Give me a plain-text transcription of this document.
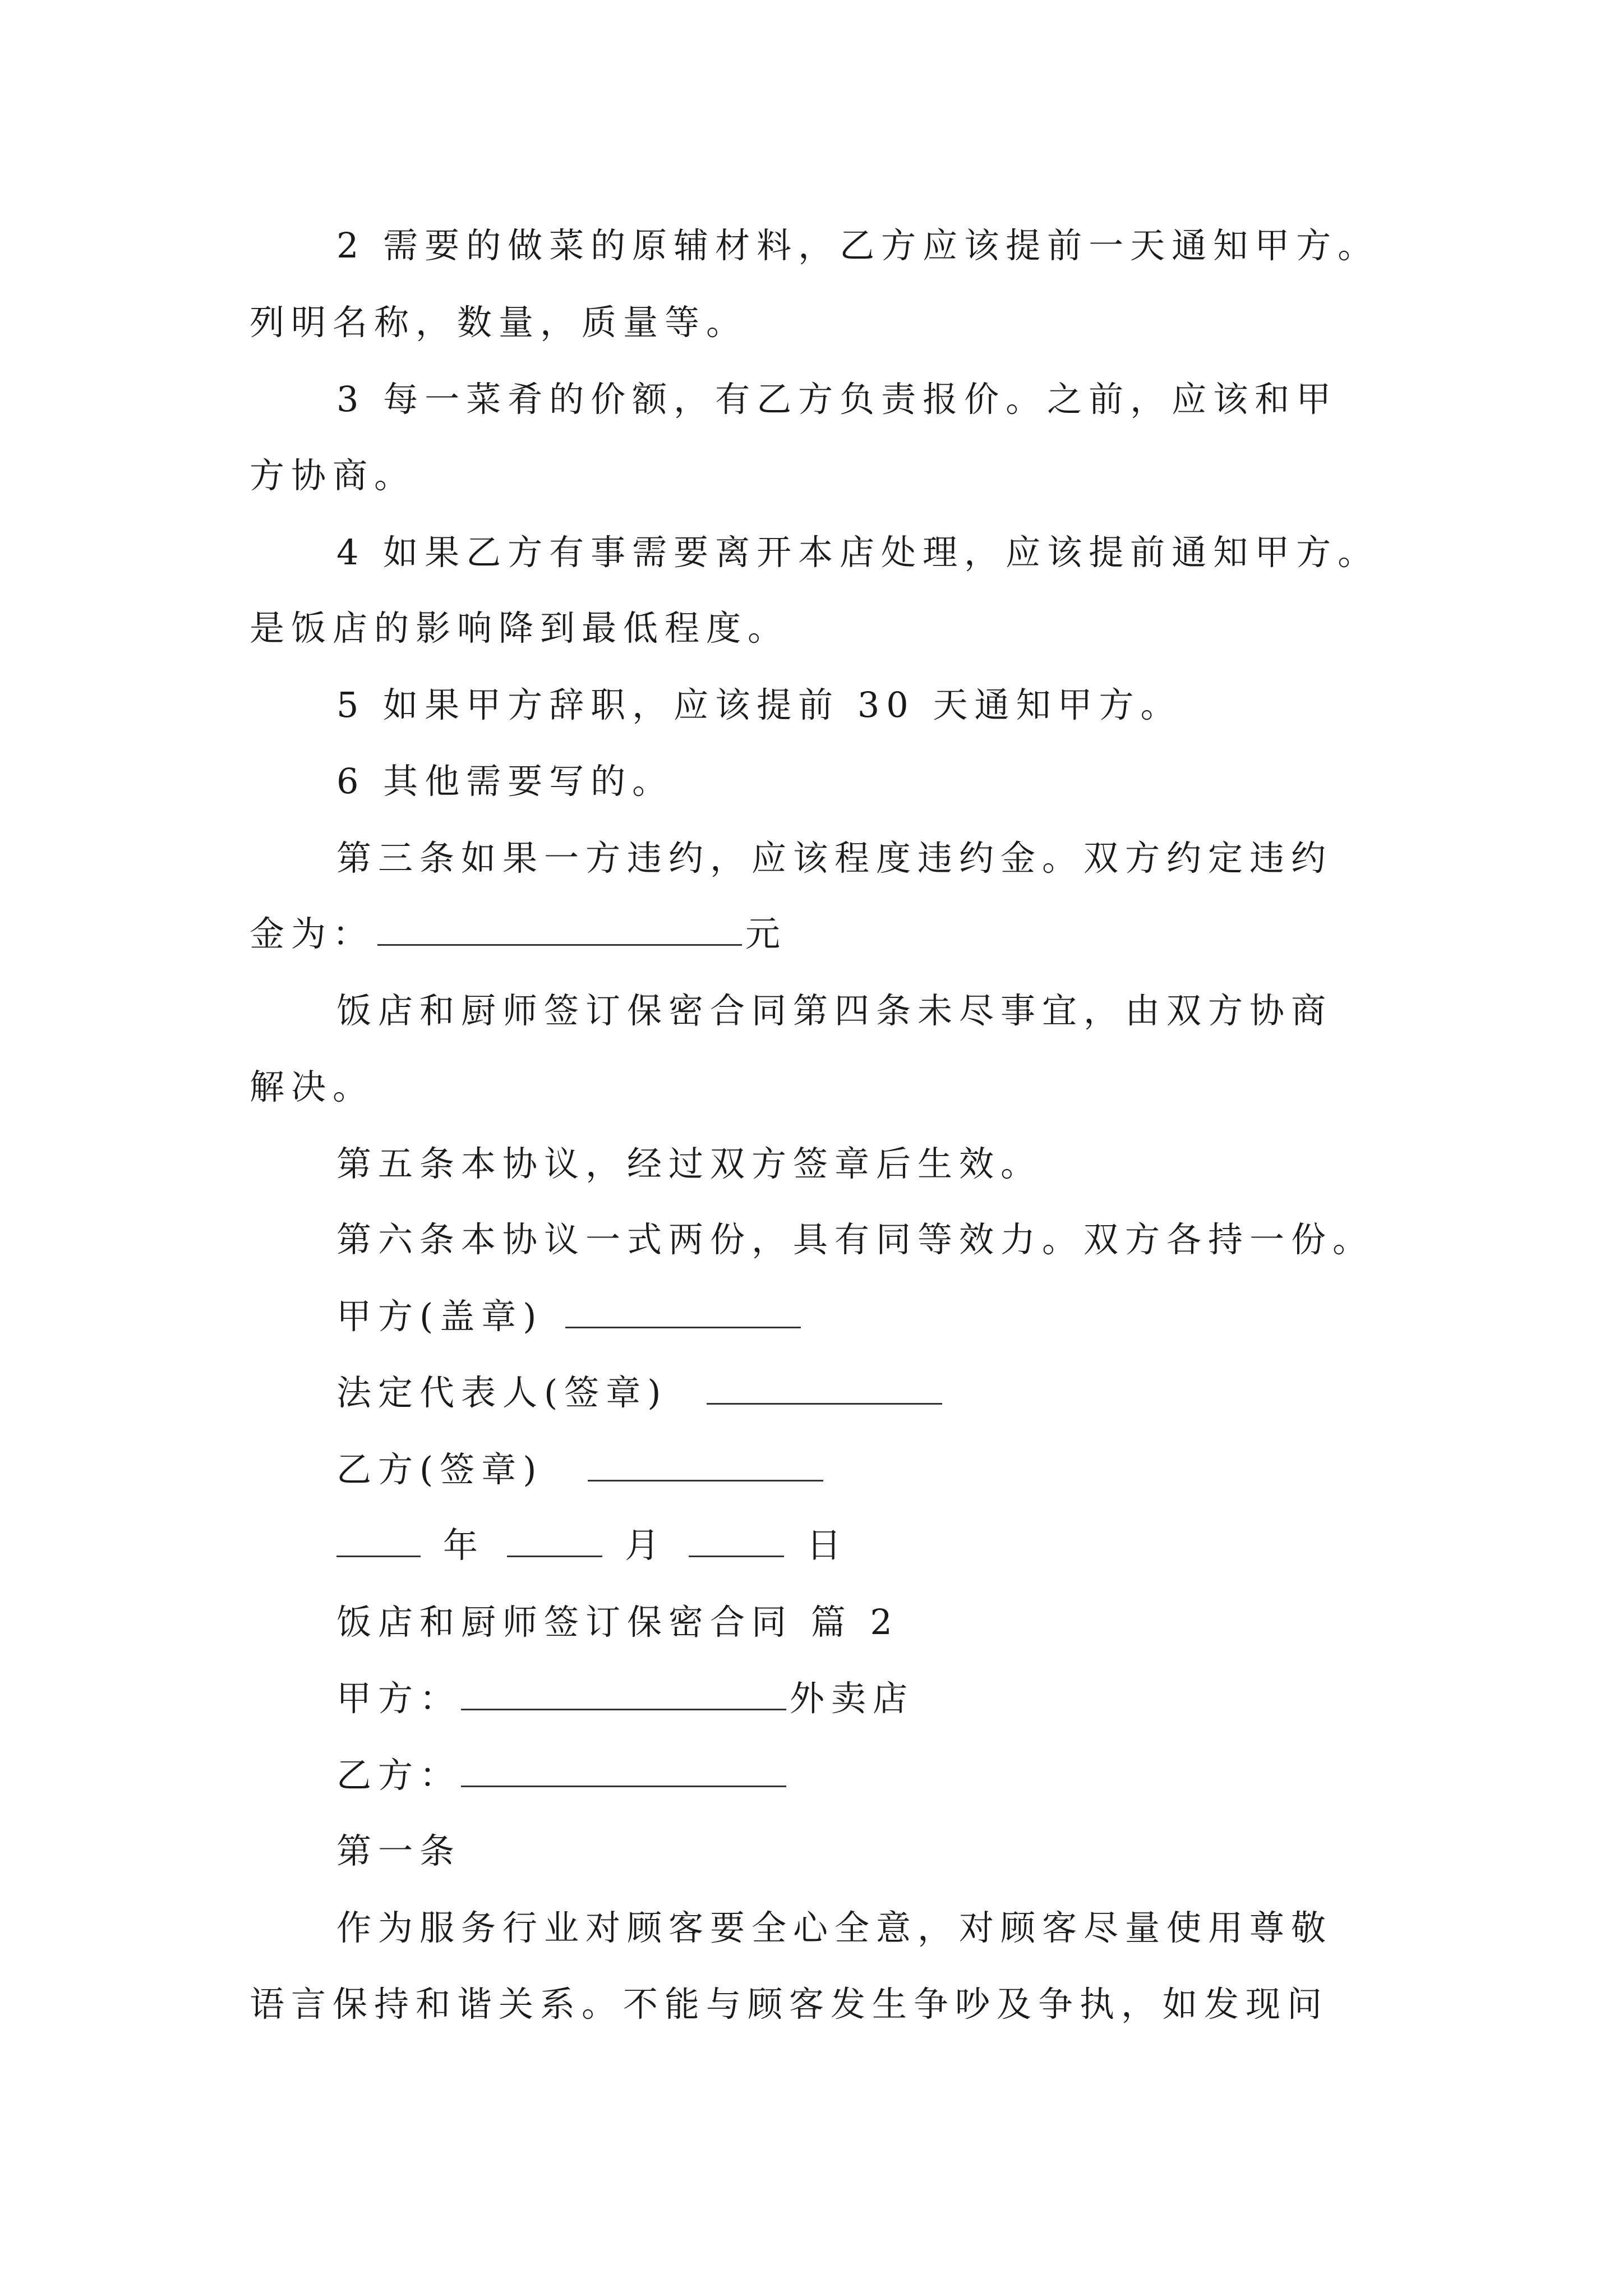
2 需要的做菜的原辅材料，乙方应该提前一天通知甲方。
列明名称，数量，质量等。
3 每一菜肴的价额，有乙方负责报价。之前，应该和甲
方协商。
4 如果乙方有事需要离开本店处理，应该提前通知甲方。
是饭店的影响降到最低程度。
5 如果甲方辞职，应该提前 30 天通知甲方。
6 其他需要写的。
第三条如果一方违约，应该程度违约金。双方约定违约
金为：	元
饭店和厨师签订保密合同第四条未尽事宜，由双方协商
解决。
第五条本协议，经过双方签章后生效。
第六条本协议一式两份，具有同等效力。双方各持一份。
甲方(盖章)
法定代表人(签章)
乙方(签章)
年	月	日
饭店和厨师签订保密合同 篇 2
甲方：	外卖店
乙方：
第一条
作为服务行业对顾客要全心全意，对顾客尽量使用尊敬
语言保持和谐关系。不能与顾客发生争吵及争执，如发现问
